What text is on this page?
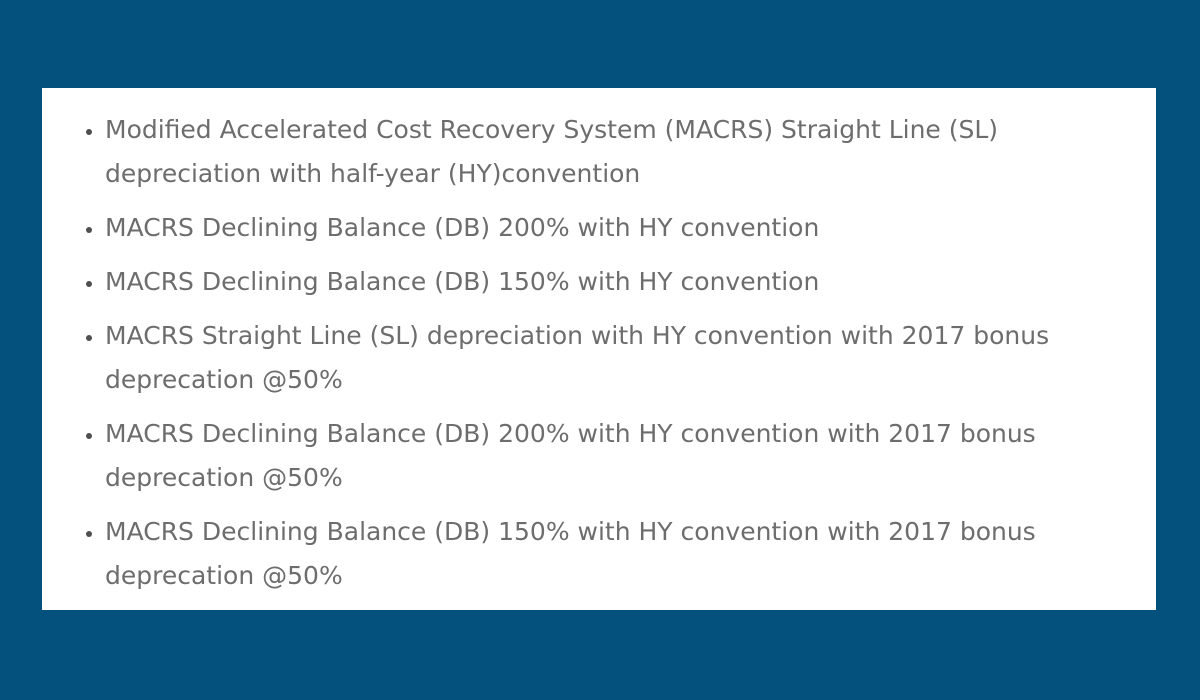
• Modified Accelerated Cost Recovery System (MACRS) Straight Line (SL) depreciation with half-year (HY)convention
• MACRS Declining Balance (DB) 200% with HY convention
• MACRS Declining Balance (DB) 150% with HY convention
• MACRS Straight Line (SL) depreciation with HY convention with 2017 bonus deprecation @50%
• MACRS Declining Balance (DB) 200% with HY convention with 2017 bonus deprecation @50%
• MACRS Declining Balance (DB) 150% with HY convention with 2017 bonus deprecation @50%
